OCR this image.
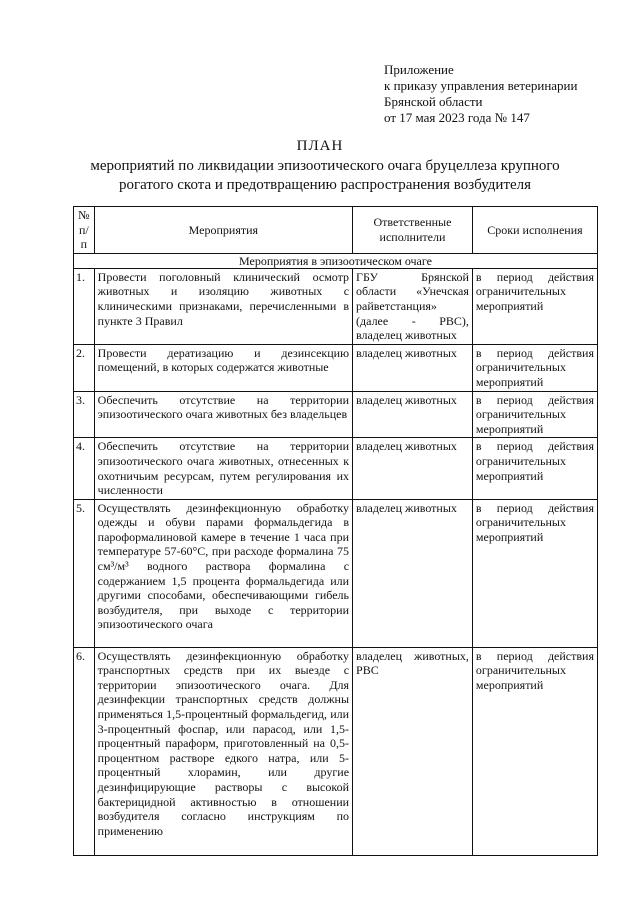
Приложение
к приказу управления ветеринарии
Брянской области
от 17 мая 2023 года № 147
ПЛАН
мероприятий по ликвидации эпизоотического очага бруцеллеза крупного рогатого скота и предотвращению распространения возбудителя
№ п/п	Мероприятия	Ответственные исполнители	Сроки исполнения
Мероприятия в эпизоотическом очаге			
1.	Провести поголовный клинический осмотр животных и изоляцию животных с клиническими признаками, перечисленными в пункте 3 Правил	ГБУ Брянской области «Унечская райветстанция» (далее - РВС), владелец животных	в период действия ограничительных мероприятий
2.	Провести дератизацию и дезинсекцию помещений, в которых содержатся животные	владелец животных	в период действия ограничительных мероприятий
3.	Обеспечить отсутствие на территории эпизоотического очага животных без владельцев	владелец животных	в период действия ограничительных мероприятий
4.	Обеспечить отсутствие на территории эпизоотического очага животных, отнесенных к охотничьим ресурсам, путем регулирования их численности	владелец животных	в период действия ограничительных мероприятий
5.	Осуществлять дезинфекционную обработку одежды и обуви парами формальдегида в пароформалиновой камере в течение 1 часа при температуре 57-60°С, при расходе формалина 75 см³/м³ водного раствора формалина с содержанием 1,5 процента формальдегида или другими способами, обеспечивающими гибель возбудителя, при выходе с территории эпизоотического очага	владелец животных	в период действия ограничительных мероприятий
6.	Осуществлять дезинфекционную обработку транспортных средств при их выезде с территории эпизоотического очага. Для дезинфекции транспортных средств должны применяться 1,5-процентный формальдегид, или 3-процентный фоспар, или парасод, или 1,5-процентный параформ, приготовленный на 0,5-процентном растворе едкого натра, или 5-процентный хлорамин, или другие дезинфицирующие растворы с высокой бактерицидной активностью в отношении возбудителя согласно инструкциям по применению	владелец животных, РВС	в период действия ограничительных мероприятий
